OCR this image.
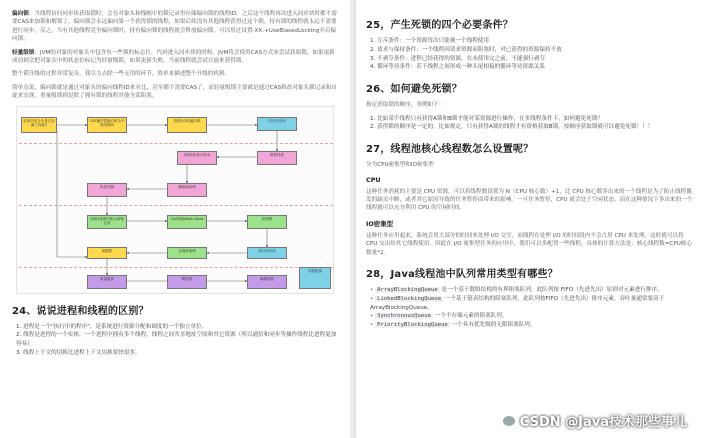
偏向锁：当线程访问同步块获取锁时，会在对象头和栈帧中的锁记录里存储偏向锁的线程ID，之后这个线程再次进入同步块时都不需要CAS来加锁和解锁了，偏向锁会永远偏向第一个获得锁的线程，如果后续没有其他线程获得过这个锁，持有锁的线程就永远不需要进行同步，反之，当有其他线程竞争偏向锁时，持有偏向锁的线程就会释放偏向锁。可以用过设置-XX:+UseBiasedLocking开启偏向锁。

轻量级锁：JVM的对象的对象头中包含有一些锁的标志位，代码进入同步块的时候，JVM将会使用CAS方式来尝试获取锁，如果更新成功则会把对象头中的状态位标记为轻量级锁，如果更新失败，当前线程就尝试自旋来获得锁。

整个锁升级的过程非常复杂，我尽力去除一些无用的环节，简单来描述整个升级的机制。

简单点说，偏向锁就是通过对象头的偏向线程ID来对比，甚至都不需要CAS了，而轻量级锁主要就是通过CAS修改对象头锁记录和自旋来实现，重量级锁则是除了拥有锁的线程其他全部阻塞。

检查对象头中是否存储了线程1
CAS操作替换对象头中的线程ID
线程1获取偏向锁	执行同步体
暂停线程
线程2检查对象头
撤销偏向锁
恢复线程
线程1复制对象头到锁记录
CAS替换Mark Word	获得锁
执行同步体
自旋获取锁
锁膨胀
重量级锁	释放锁	唤醒线程
线程阻塞
24、说说进程和线程的区别？
1. 进程是一个"执行中的程序"，是系统进行资源分配和调度的一个独立单位。
2. 线程是进程的一个实体，一个进程中拥有多个线程，线程之间共享地址空间和其它资源（所以通信和同步等操作线程比进程更加容易）
3. 线程上下文的切换比进程上下文切换要快很多。
25，产生死锁的四个必要条件？
1. 互斥条件：一个资源每次只能被一个线程使用
2. 请求与保持条件：一个线程因请求资源而阻塞时，对已获得的资源保持不放
3. 不剥夺条件：进程已经获得的资源，在未使用完之前，不能强行剥夺
4. 循环等待条件：若干线程之间形成一种头尾相接的循环等待资源关系
26、如何避免死锁？

指定获取锁的顺序，举例如下：

1. 比如某个线程只有获得A锁和B锁才能对某资源进行操作，在多线程条件下，如何避免死锁？
2. 获得锁的顺序是一定的，比如规定，只有获得A锁的线程才有资格获取B锁，按顺序获取锁就可以避免死锁！！！
27，线程池核心线程数怎么设置呢？

分为CPU密集型和IO密集型

CPU

这种任务消耗的主要是 CPU 资源，可以将线程数设置为 N（CPU 核心数）+1，比 CPU 核心数多出来的一个线程是为了防止线程偶发的缺页中断，或者其它原因导致的任务暂停而带来的影响。一旦任务暂停，CPU 就会处于空闲状态，而在这种情况下多出来的一个线程就可以充分利用 CPU 的空闲时间。

IO密集型

这种任务应用起来，系统会用大部分的时间来处理 I/O 交互，而线程在处理 I/O 的时间段内不会占用 CPU 来处理，这时就可以将 CPU 交出给其它线程使用。因此在 I/O 密集型任务的应用中，我们可以多配置一些线程，具体的计算方法是：核心线程数=CPU核心数量*2。

28，Java线程池中队列常用类型有哪些？
• ArrayBlockingQueue 是一个基于数组结构的有界阻塞队列，此队列按 FIFO（先进先出）原则对元素进行排序。
• LinkedBlockingQueue 一个基于链表结构的阻塞队列，此队列按FIFO（先进先出）排序元素，吞吐量通常要高于 ArrayBlockingQueue。
• SynchronousQueue 一个不存储元素的阻塞队列。
• PriorityBlockingQueue 一个具有优先级的无限阻塞队列。
CSDN @Java技术那些事儿
